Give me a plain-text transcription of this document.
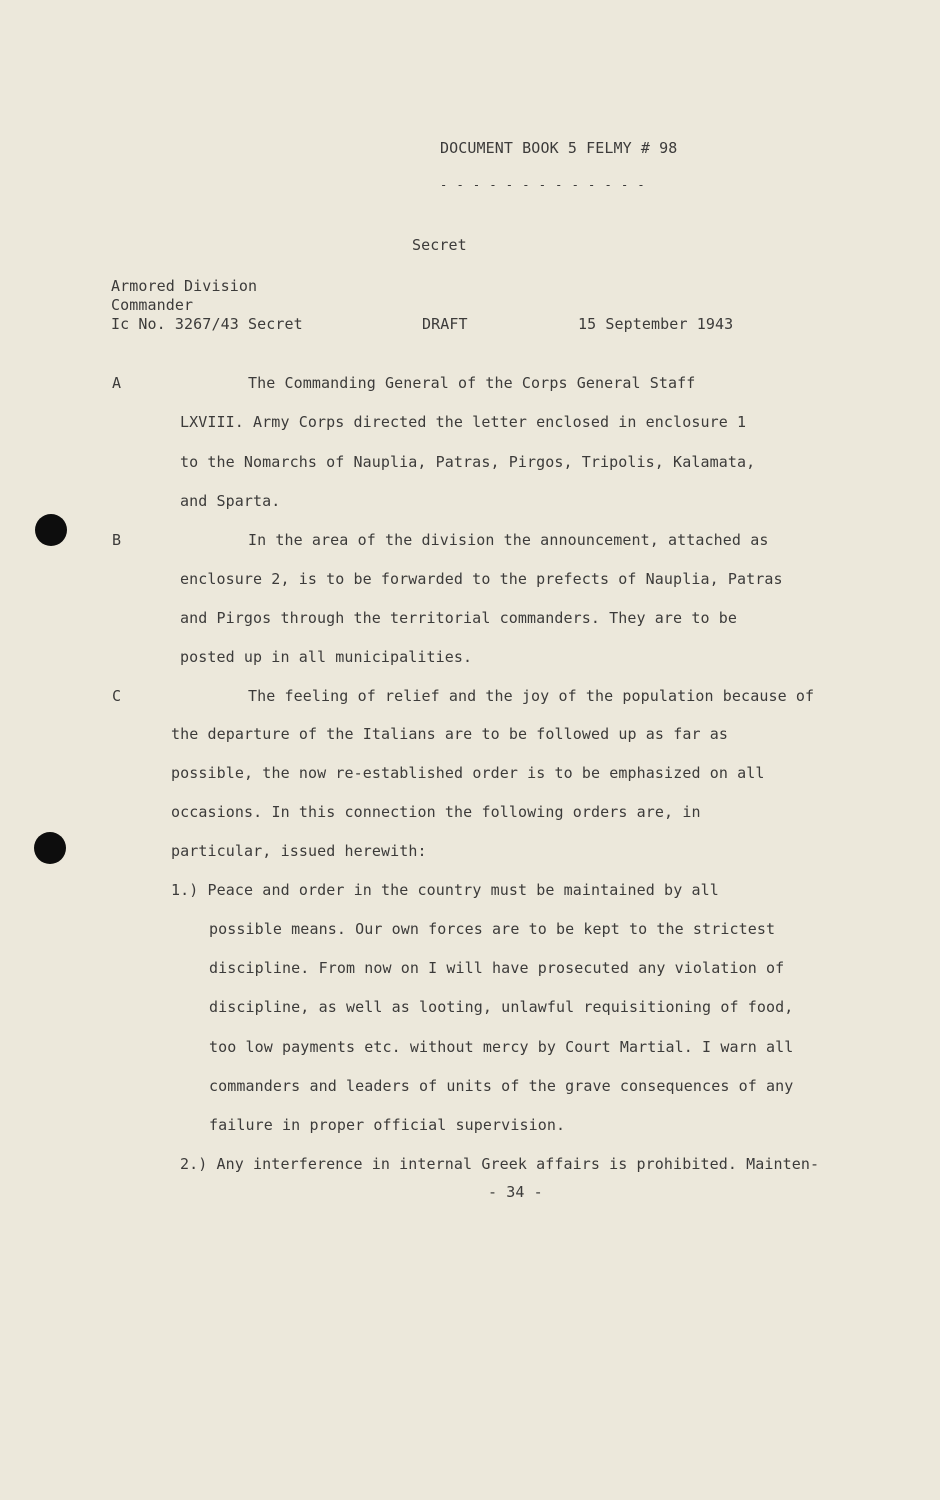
DOCUMENT BOOK 5 FELMY # 98
- - - - - - - - - - - - -
Secret
Armored Division
Commander
Ic No. 3267/43 Secret	DRAFT	15 September 1943
A	The Commanding General of the Corps General Staff
LXVIII. Army Corps directed the letter enclosed in enclosure 1
to the Nomarchs of Nauplia, Patras, Pirgos, Tripolis, Kalamata,
and Sparta.
B	In the area of the division the announcement, attached as
enclosure 2, is to be forwarded to the prefects of Nauplia, Patras
and Pirgos through the territorial commanders. They are to be
posted up in all municipalities.
C	The feeling of relief and the joy of the population because of
the departure of the Italians are to be followed up as far as
possible, the now re-established order is to be emphasized on all
occasions. In this connection the following orders are, in
particular, issued herewith:
1.) Peace and order in the country must be maintained by all
possible means. Our own forces are to be kept to the strictest
discipline. From now on I will have prosecuted any violation of
discipline, as well as looting, unlawful requisitioning of food,
too low payments etc. without mercy by Court Martial. I warn all
commanders and leaders of units of the grave consequences of any
failure in proper official supervision.
2.) Any interference in internal Greek affairs is prohibited. Mainten-
- 34 -
